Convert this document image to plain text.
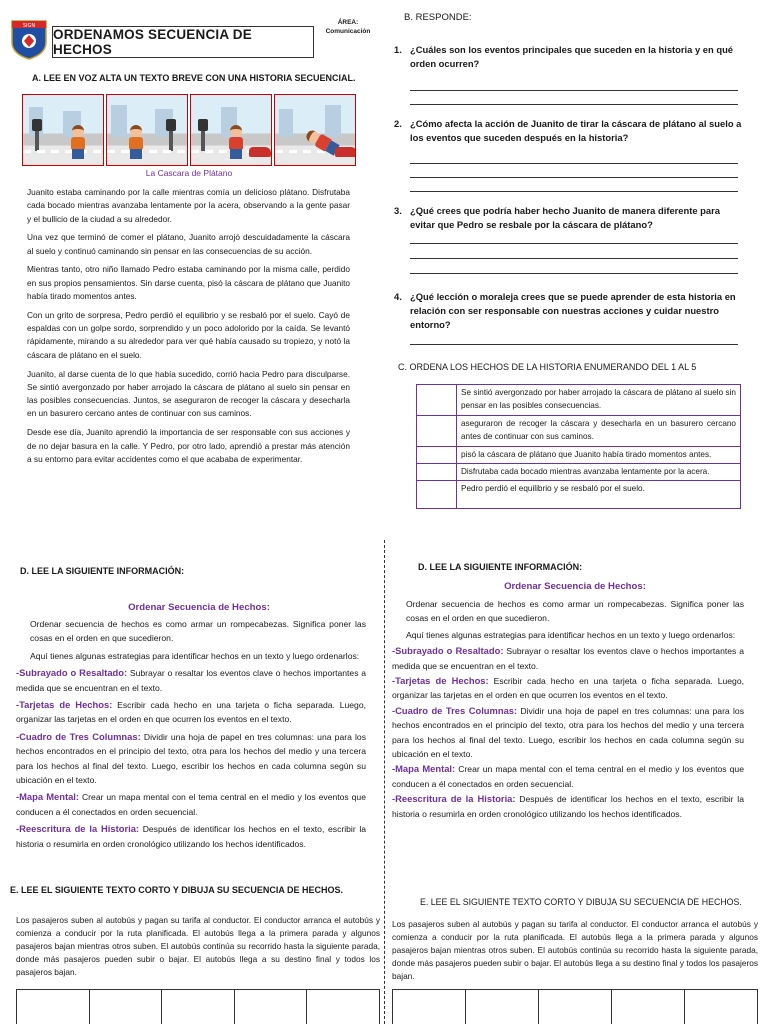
SIGN
ORDENAMOS SECUENCIA DE HECHOS
ÁREA:
Comunicación
A. LEE EN VOZ ALTA UN TEXTO BREVE CON UNA HISTORIA SECUENCIAL.
La Cascara de Plátano

Juanito estaba caminando por la calle mientras comía un delicioso plátano. Disfrutaba cada bocado mientras avanzaba lentamente por la acera, observando a la gente pasar y el bullicio de la ciudad a su alrededor.

Una vez que terminó de comer el plátano, Juanito arrojó descuidadamente la cáscara al suelo y continuó caminando sin pensar en las consecuencias de su acción.

Mientras tanto, otro niño llamado Pedro estaba caminando por la misma calle, perdido en sus propios pensamientos. Sin darse cuenta, pisó la cáscara de plátano que Juanito había tirado momentos antes.

Con un grito de sorpresa, Pedro perdió el equilibrio y se resbaló por el suelo. Cayó de espaldas con un golpe sordo, sorprendido y un poco adolorido por la caída. Se levantó rápidamente, mirando a su alrededor para ver qué había causado su tropiezo, y notó la cáscara de plátano en el suelo.

Juanito, al darse cuenta de lo que había sucedido, corrió hacia Pedro para disculparse. Se sintió avergonzado por haber arrojado la cáscara de plátano al suelo sin pensar en las posibles consecuencias. Juntos, se aseguraron de recoger la cáscara y desecharla en un basurero cercano antes de continuar con sus caminos.

Desde ese día, Juanito aprendió la importancia de ser responsable con sus acciones y de no dejar basura en la calle. Y Pedro, por otro lado, aprendió a prestar más atención a su entorno para evitar accidentes como el que acababa de experimentar.

B. RESPONDE:
1. ¿Cuáles son los eventos principales que suceden en la historia y en qué orden ocurren?
2. ¿Cómo afecta la acción de Juanito de tirar la cáscara de plátano al suelo a los eventos que suceden después en la historia?
3. ¿Qué crees que podría haber hecho Juanito de manera diferente para evitar que Pedro se resbale por la cáscara de plátano?
4. ¿Qué lección o moraleja crees que se puede aprender de esta historia en relación con ser responsable con nuestras acciones y cuidar nuestro entorno?
C. ORDENA LOS HECHOS DE LA HISTORIA ENUMERANDO DEL 1 AL 5
	Se sintió avergonzado por haber arrojado la cáscara de plátano al suelo sin pensar en las posibles consecuencias.
	aseguraron de recoger la cáscara y desecharla en un basurero cercano antes de continuar con sus caminos.
	pisó la cáscara de plátano que Juanito había tirado momentos antes.
	Disfrutaba cada bocado mientras avanzaba lentamente por la acera.
	Pedro perdió el equilibrio y se resbaló por el suelo.
D. LEE LA SIGUIENTE INFORMACIÓN:
Ordenar Secuencia de Hechos:

Ordenar secuencia de hechos es como armar un rompecabezas. Significa poner las cosas en el orden en que sucedieron.

Aquí tienes algunas estrategias para identificar hechos en un texto y luego ordenarlos:

-Subrayado o Resaltado: Subrayar o resaltar los eventos clave o hechos importantes a medida que se encuentran en el texto.

-Tarjetas de Hechos: Escribir cada hecho en una tarjeta o ficha separada. Luego, organizar las tarjetas en el orden en que ocurren los eventos en el texto.

-Cuadro de Tres Columnas: Dividir una hoja de papel en tres columnas: una para los hechos encontrados en el principio del texto, otra para los hechos del medio y una tercera para los hechos al final del texto. Luego, escribir los hechos en cada columna según su ubicación en el texto.

-Mapa Mental: Crear un mapa mental con el tema central en el medio y los eventos que conducen a él conectados en orden secuencial.

-Reescritura de la Historia: Después de identificar los hechos en el texto, escribir la historia o resumirla en orden cronológico utilizando los hechos identificados.

D. LEE LA SIGUIENTE INFORMACIÓN:
Ordenar Secuencia de Hechos:

Ordenar secuencia de hechos es como armar un rompecabezas. Significa poner las cosas en el orden en que sucedieron.

Aquí tienes algunas estrategias para identificar hechos en un texto y luego ordenarlos:

-Subrayado o Resaltado: Subrayar o resaltar los eventos clave o hechos importantes a medida que se encuentran en el texto.

-Tarjetas de Hechos: Escribir cada hecho en una tarjeta o ficha separada. Luego, organizar las tarjetas en el orden en que ocurren los eventos en el texto.

-Cuadro de Tres Columnas: Dividir una hoja de papel en tres columnas: una para los hechos encontrados en el principio del texto, otra para los hechos del medio y una tercera para los hechos al final del texto. Luego, escribir los hechos en cada columna según su ubicación en el texto.

-Mapa Mental: Crear un mapa mental con el tema central en el medio y los eventos que conducen a él conectados en orden secuencial.

-Reescritura de la Historia: Después de identificar los hechos en el texto, escribir la historia o resumirla en orden cronológico utilizando los hechos identificados.

E. LEE EL SIGUIENTE TEXTO CORTO Y DIBUJA SU SECUENCIA DE HECHOS.

Los pasajeros suben al autobús y pagan su tarifa al conductor. El conductor arranca el autobús y comienza a conducir por la ruta planificada. El autobús llega a la primera parada y algunos pasajeros bajan mientras otros suben. El autobús continúa su recorrido hasta la siguiente parada, donde más pasajeros pueden subir o bajar. El autobús llega a su destino final y todos los pasajeros bajan.

E. LEE EL SIGUIENTE TEXTO CORTO Y DIBUJA SU SECUENCIA DE HECHOS.

Los pasajeros suben al autobús y pagan su tarifa al conductor. El conductor arranca el autobús y comienza a conducir por la ruta planificada. El autobús llega a la primera parada y algunos pasajeros bajan mientras otros suben. El autobús continúa su recorrido hasta la siguiente parada, donde más pasajeros pueden subir o bajar. El autobús llega a su destino final y todos los pasajeros bajan.
